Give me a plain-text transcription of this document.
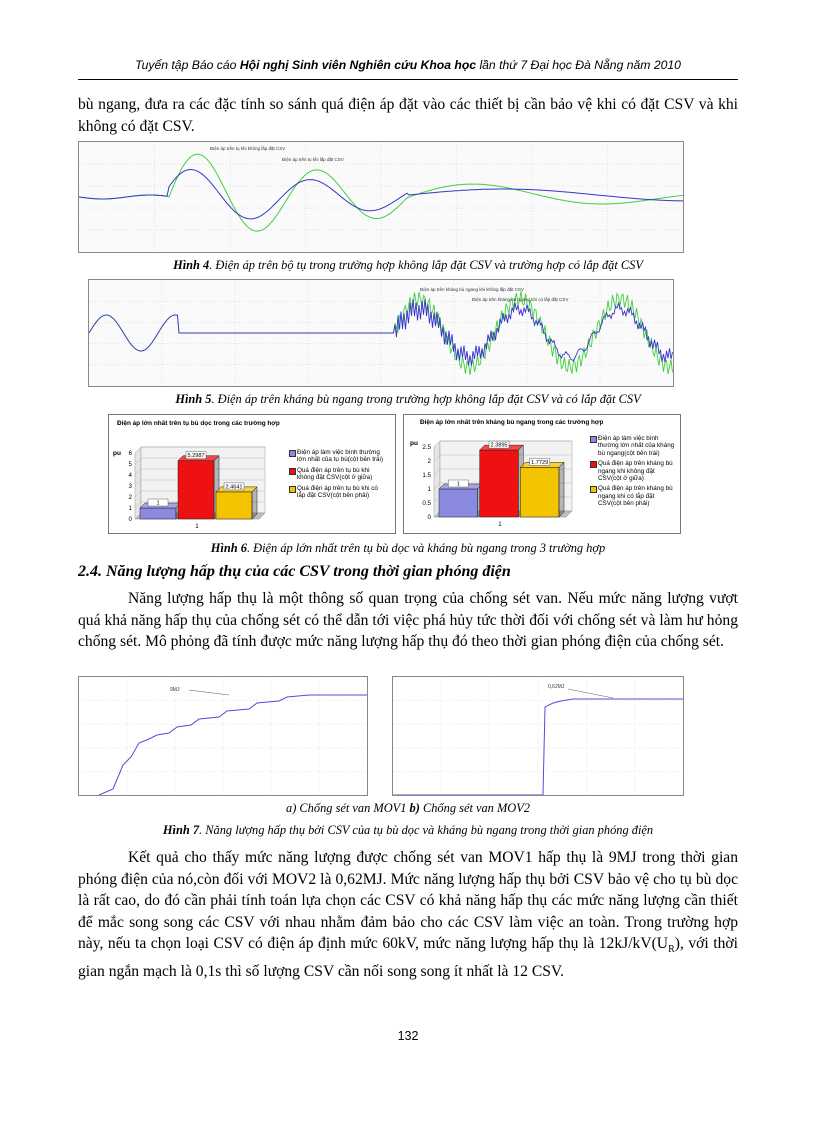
Tuyển tập Báo cáo Hội nghị Sinh viên Nghiên cứu Khoa học lần thứ 7 Đại học Đà Nẵng năm 2010

bù ngang, đưa ra các đặc tính so sánh quá điện áp đặt vào các thiết bị cần bảo vệ khi có đặt CSV và khi không có đặt CSV.

Điện áp trên tụ khi không lắp đặt CSV
Điện áp trên tụ khi lắp đặt CSV
Hình 4. Điện áp trên bộ tụ trong trường hợp không lắp đặt CSV và trường hợp có lắp đặt CSV
Điện áp trên kháng bù ngang khi không lắp đặt CSV
Điện áp trên kháng bù ngang khi có lắp đặt CSV
Hình 5. Điện áp trên kháng bù ngang trong trường hợp không lắp đặt CSV và có lắp đặt CSV
Điện áp lớn nhất trên tụ bù dọc trong các trường hợp
0
1
2
3
4
5
6
pu
1
5.2987
2.4641
1
Điện áp làm việc bình thường lớn nhất của tụ bù(cột bên trái)
Quá điện áp trên tụ bù khi không đặt CSV(cột ở giữa)
Quá điện áp trên tụ bù khi có lắp đặt CSV(cột bên phải)
Điện áp lớn nhất trên kháng bù ngang trong các trường hợp
0
0.5
1
1.5
2
2.5
pu
1
2.3895
1.7729
1
Điện áp làm việc bình thường lớn nhất của kháng bù ngang(cột bên trái)
Quá điện áp trên kháng bù ngang khi không đặt CSV(cột ở giữa)
Quá điện áp trên kháng bù ngang khi có lắp đặt CSV(cột bên phải)
Hình 6. Điện áp lớn nhất trên tụ bù dọc và kháng bù ngang trong 3 trường hợp
2.4. Năng lượng hấp thụ của các CSV trong thời gian phóng điện

Năng lượng hấp thụ là một thông số quan trọng của chống sét van. Nếu mức năng lượng vượt quá khả năng hấp thụ của chống sét có thể dẫn tới việc phá hủy tức thời đối với chống sét và làm hư hỏng chống sét. Mô phỏng đã tính được mức năng lượng hấp thụ đó theo thời gian phóng điện của chống sét.

9MJ	0,62MJ
a) Chống sét van MOV1 b) Chống sét van MOV2
Hình 7. Năng lượng hấp thụ bởi CSV của tụ bù dọc và kháng bù ngang trong thời gian phóng điện

Kết quả cho thấy mức năng lượng được chống sét van MOV1 hấp thụ là 9MJ trong thời gian phóng điện của nó,còn đối với MOV2 là 0,62MJ. Mức năng lượng hấp thụ bởi CSV bảo vệ cho tụ bù dọc là rất cao, do đó cần phải tính toán lựa chọn các CSV có khả năng hấp thụ các mức năng lượng cần thiết để mắc song song các CSV với nhau nhằm đảm bảo cho các CSV làm việc an toàn. Trong trường hợp này, nếu ta chọn loại CSV có điện áp định mức 60kV, mức năng lượng hấp thụ là $12kJ/kV(U_R)$, với thời gian ngắn mạch là 0,1s thì số lượng CSV cần nối song song ít nhất là 12 CSV.

132
